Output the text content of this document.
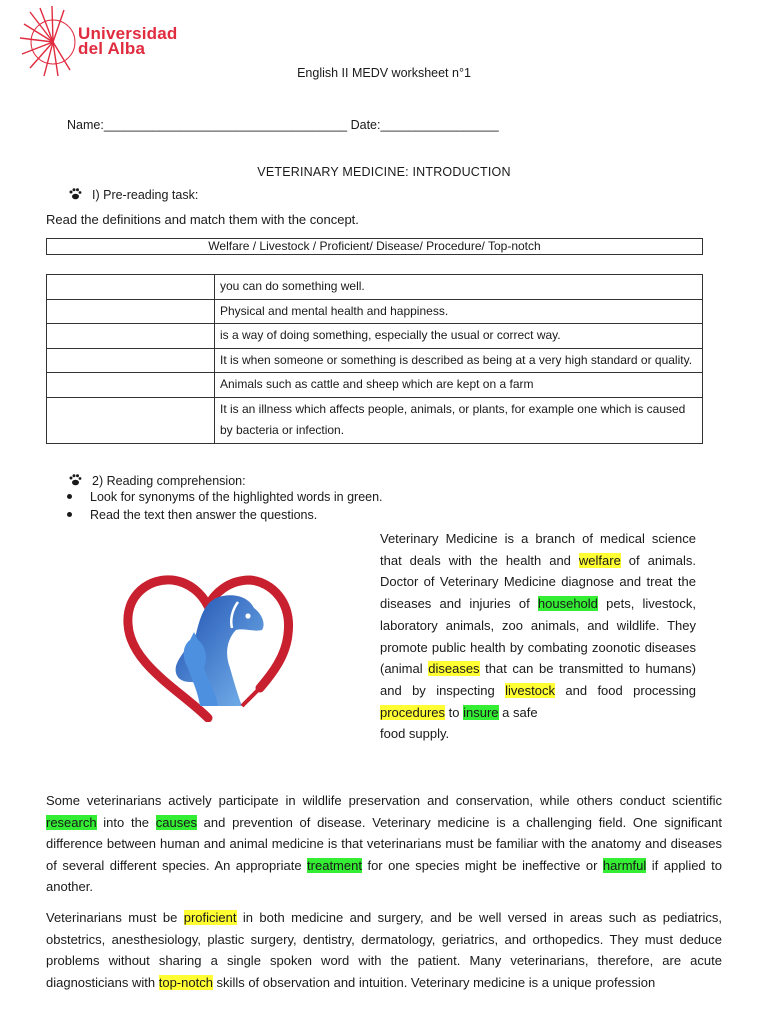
Universidad
del Alba
English II MEDV worksheet n°1
Name:___________________________________ Date:_________________
VETERINARY MEDICINE: INTRODUCTION
I) Pre-reading task:
Read the definitions and match them with the concept.
Welfare / Livestock / Proficient/ Disease/ Procedure/ Top-notch
	you can do something well.
	Physical and mental health and happiness.
	is a way of doing something, especially the usual or correct way.
	It is when someone or something is described as being at a very high standard or quality.
	Animals such as cattle and sheep which are kept on a farm
	It is an illness which affects people, animals, or plants, for example one which is caused by bacteria or infection.
2) Reading comprehension:
Look for synonyms of the highlighted words in green.
Read the text then answer the questions.
Veterinary Medicine is a branch of medical science that deals with the health and welfare of animals. Doctor of Veterinary Medicine diagnose and treat the diseases and injuries of household pets, livestock, laboratory animals, zoo animals, and wildlife. They promote public health by combating zoonotic diseases (animal diseases that can be transmitted to humans) and by inspecting livestock and food processing procedures to insure a safe
food supply.
Some veterinarians actively participate in wildlife preservation and conservation, while others conduct scientific research into the causes and prevention of disease. Veterinary medicine is a challenging field. One significant difference between human and animal medicine is that veterinarians must be familiar with the anatomy and diseases of several different species. An appropriate treatment for one species might be ineffective or harmful if applied to another.
Veterinarians must be proficient in both medicine and surgery, and be well versed in areas such as pediatrics, obstetrics, anesthesiology, plastic surgery, dentistry, dermatology, geriatrics, and orthopedics. They must deduce problems without sharing a single spoken word with the patient. Many veterinarians, therefore, are acute diagnosticians with top-notch skills of observation and intuition. Veterinary medicine is a unique profession
